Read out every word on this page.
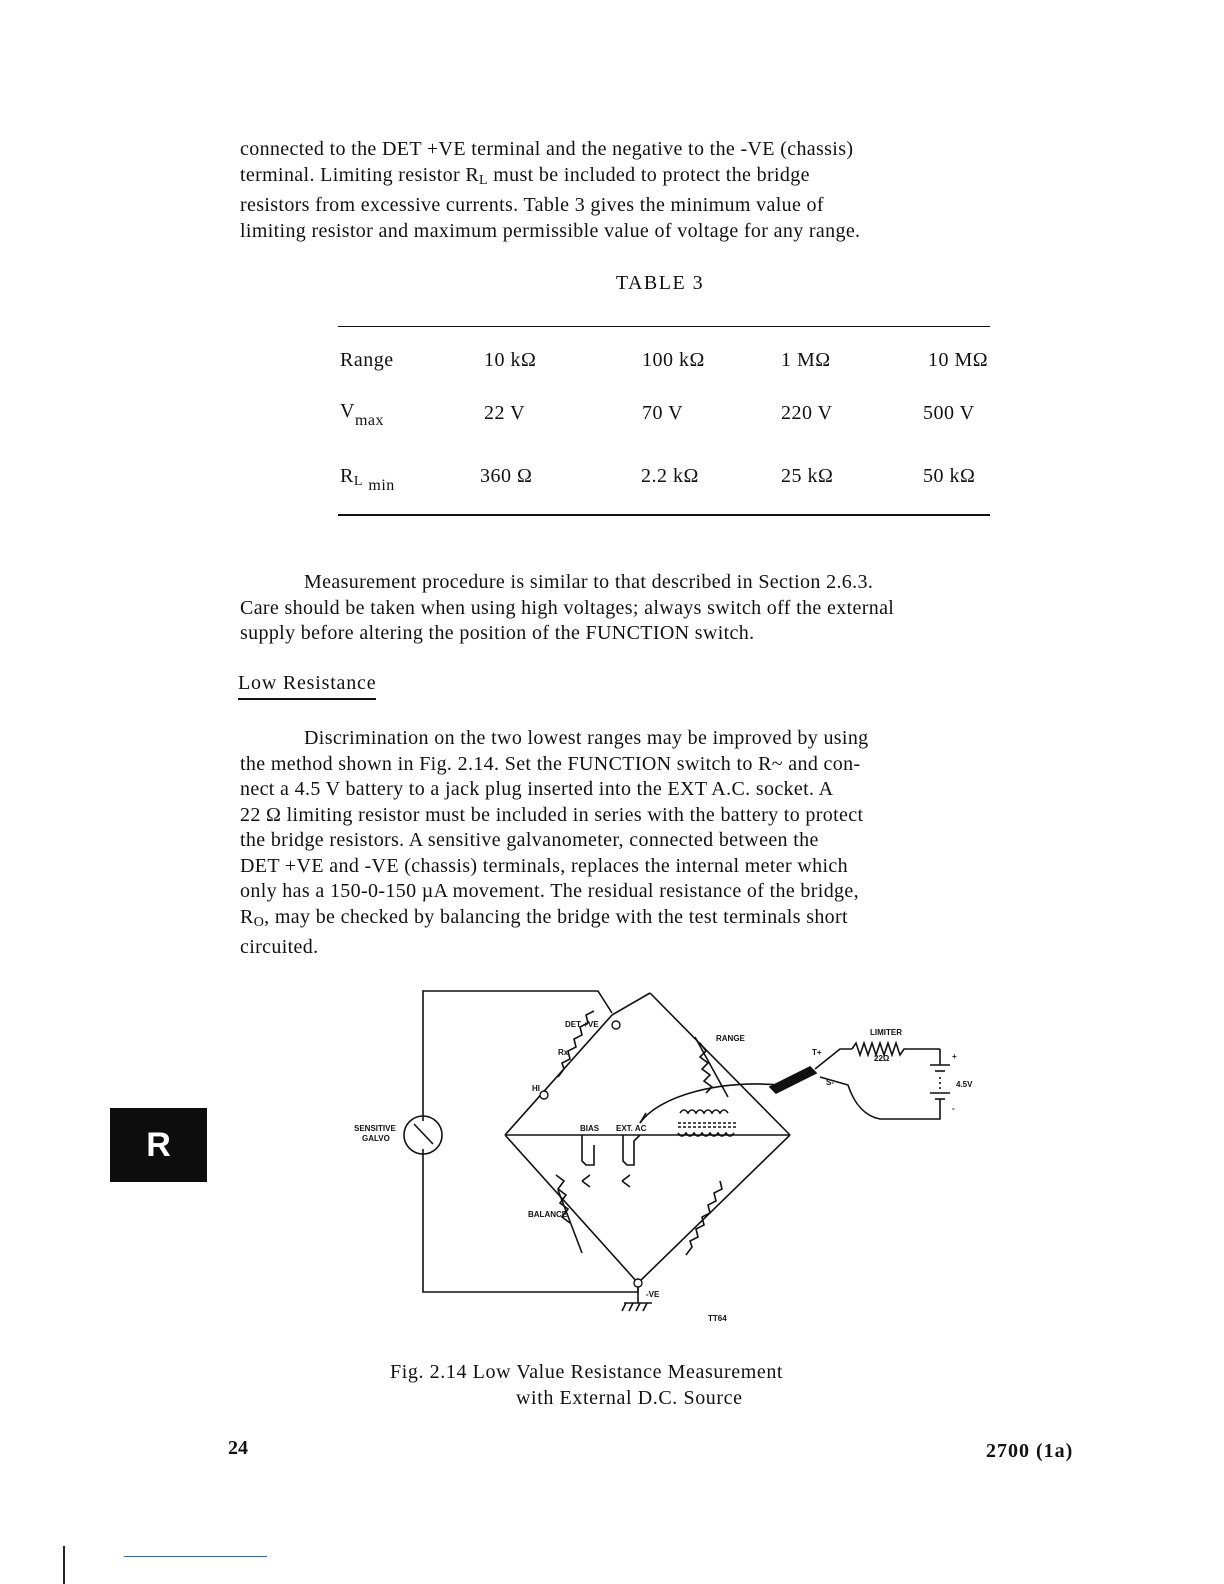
connected to the DET +VE terminal and the negative to the -VE (chassis)

terminal. Limiting resistor $R_L$ must be included to protect the bridge

resistors from excessive currents. Table 3 gives the minimum value of

limiting resistor and maximum permissible value of voltage for any range.

TABLE 3
Range	10 kΩ	100 kΩ	1 MΩ	10 MΩ
$V_{max}$	22 V	70 V	220 V	500 V
$R_L$ $_{min}$	360 Ω	2.2 kΩ	25 kΩ	50 kΩ

Measurement procedure is similar to that described in Section 2.6.3.

Care should be taken when using high voltages; always switch off the external

supply before altering the position of the FUNCTION switch.

Low Resistance

Discrimination on the two lowest ranges may be improved by using

the method shown in Fig. 2.14. Set the FUNCTION switch to R~ and con-

nect a 4.5 V battery to a jack plug inserted into the EXT A.C. socket. A

22 Ω limiting resistor must be included in series with the battery to protect

the bridge resistors. A sensitive galvanometer, connected between the

DET +VE and -VE (chassis) terminals, replaces the internal meter which

only has a 150-0-150 µA movement. The residual resistance of the bridge,

$R_O$, may be checked by balancing the bridge with the test terminals short

circuited.

DET +VE
Rx
HI
RANGE
LIMITER
22Ω
T+
S-	4.5V
+
-
SENSITIVE
GALVO
BIAS EXT. AC
BALANCE
-VE
TT64
Fig. 2.14 Low Value Resistance Measurement
with External D.C. Source
24	2700 (1a)
R
